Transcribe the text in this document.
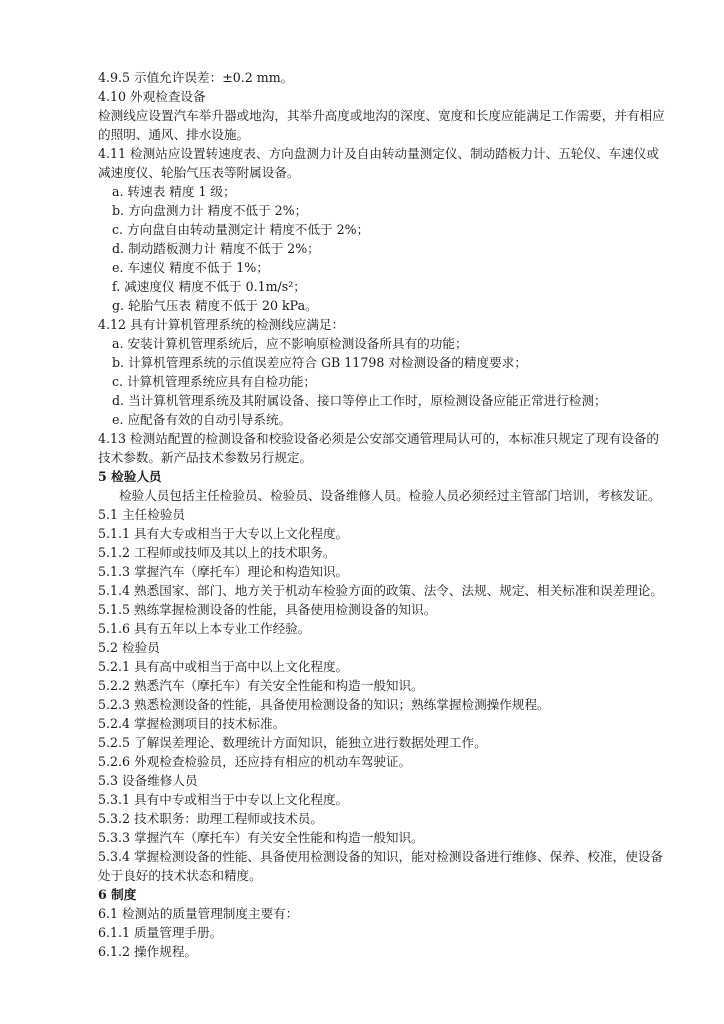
4.9.5 示值允许误差：±0.2 mm。
4.10 外观检查设备
检测线应设置汽车举升器或地沟，其举升高度或地沟的深度、宽度和长度应能满足工作需要，并有相应
的照明、通风、排水设施。
4.11 检测站应设置转速度表、方向盘测力计及自由转动量测定仪、制动踏板力计、五轮仪、车速仪或
减速度仪、轮胎气压表等附属设备。
a. 转速表 精度 1 级；
b. 方向盘测力计 精度不低于 2%；
c. 方向盘自由转动量测定计 精度不低于 2%；
d. 制动踏板测力计 精度不低于 2%；
e. 车速仪 精度不低于 1%；
f. 减速度仪 精度不低于 0.1m/s²；
g. 轮胎气压表 精度不低于 20 kPa。
4.12 具有计算机管理系统的检测线应满足：
a. 安装计算机管理系统后，应不影响原检测设备所具有的功能；
b. 计算机管理系统的示值误差应符合 GB 11798 对检测设备的精度要求；
c. 计算机管理系统应具有自检功能；
d. 当计算机管理系统及其附属设备、接口等停止工作时，原检测设备应能正常进行检测；
e. 应配备有效的自动引导系统。
4.13 检测站配置的检测设备和校验设备必须是公安部交通管理局认可的，本标准只规定了现有设备的
技术参数。新产品技术参数另行规定。
5 检验人员
检验人员包括主任检验员、检验员、设备维修人员。检验人员必须经过主管部门培训，考核发证。
5.1 主任检验员
5.1.1 具有大专或相当于大专以上文化程度。
5.1.2 工程师或技师及其以上的技术职务。
5.1.3 掌握汽车（摩托车）理论和构造知识。
5.1.4 熟悉国家、部门、地方关于机动车检验方面的政策、法令、法规、规定、相关标准和误差理论。
5.1.5 熟练掌握检测设备的性能，具备使用检测设备的知识。
5.1.6 具有五年以上本专业工作经验。
5.2 检验员
5.2.1 具有高中或相当于高中以上文化程度。
5.2.2 熟悉汽车（摩托车）有关安全性能和构造一般知识。
5.2.3 熟悉检测设备的性能，具备使用检测设备的知识；熟练掌握检测操作规程。
5.2.4 掌握检测项目的技术标准。
5.2.5 了解误差理论、数理统计方面知识，能独立进行数据处理工作。
5.2.6 外观检查检验员，还应持有相应的机动车驾驶证。
5.3 设备维修人员
5.3.1 具有中专或相当于中专以上文化程度。
5.3.2 技术职务：助理工程师或技术员。
5.3.3 掌握汽车（摩托车）有关安全性能和构造一般知识。
5.3.4 掌握检测设备的性能、具备使用检测设备的知识，能对检测设备进行维修、保养、校准，使设备
处于良好的技术状态和精度。
6 制度
6.1 检测站的质量管理制度主要有：
6.1.1 质量管理手册。
6.1.2 操作规程。
